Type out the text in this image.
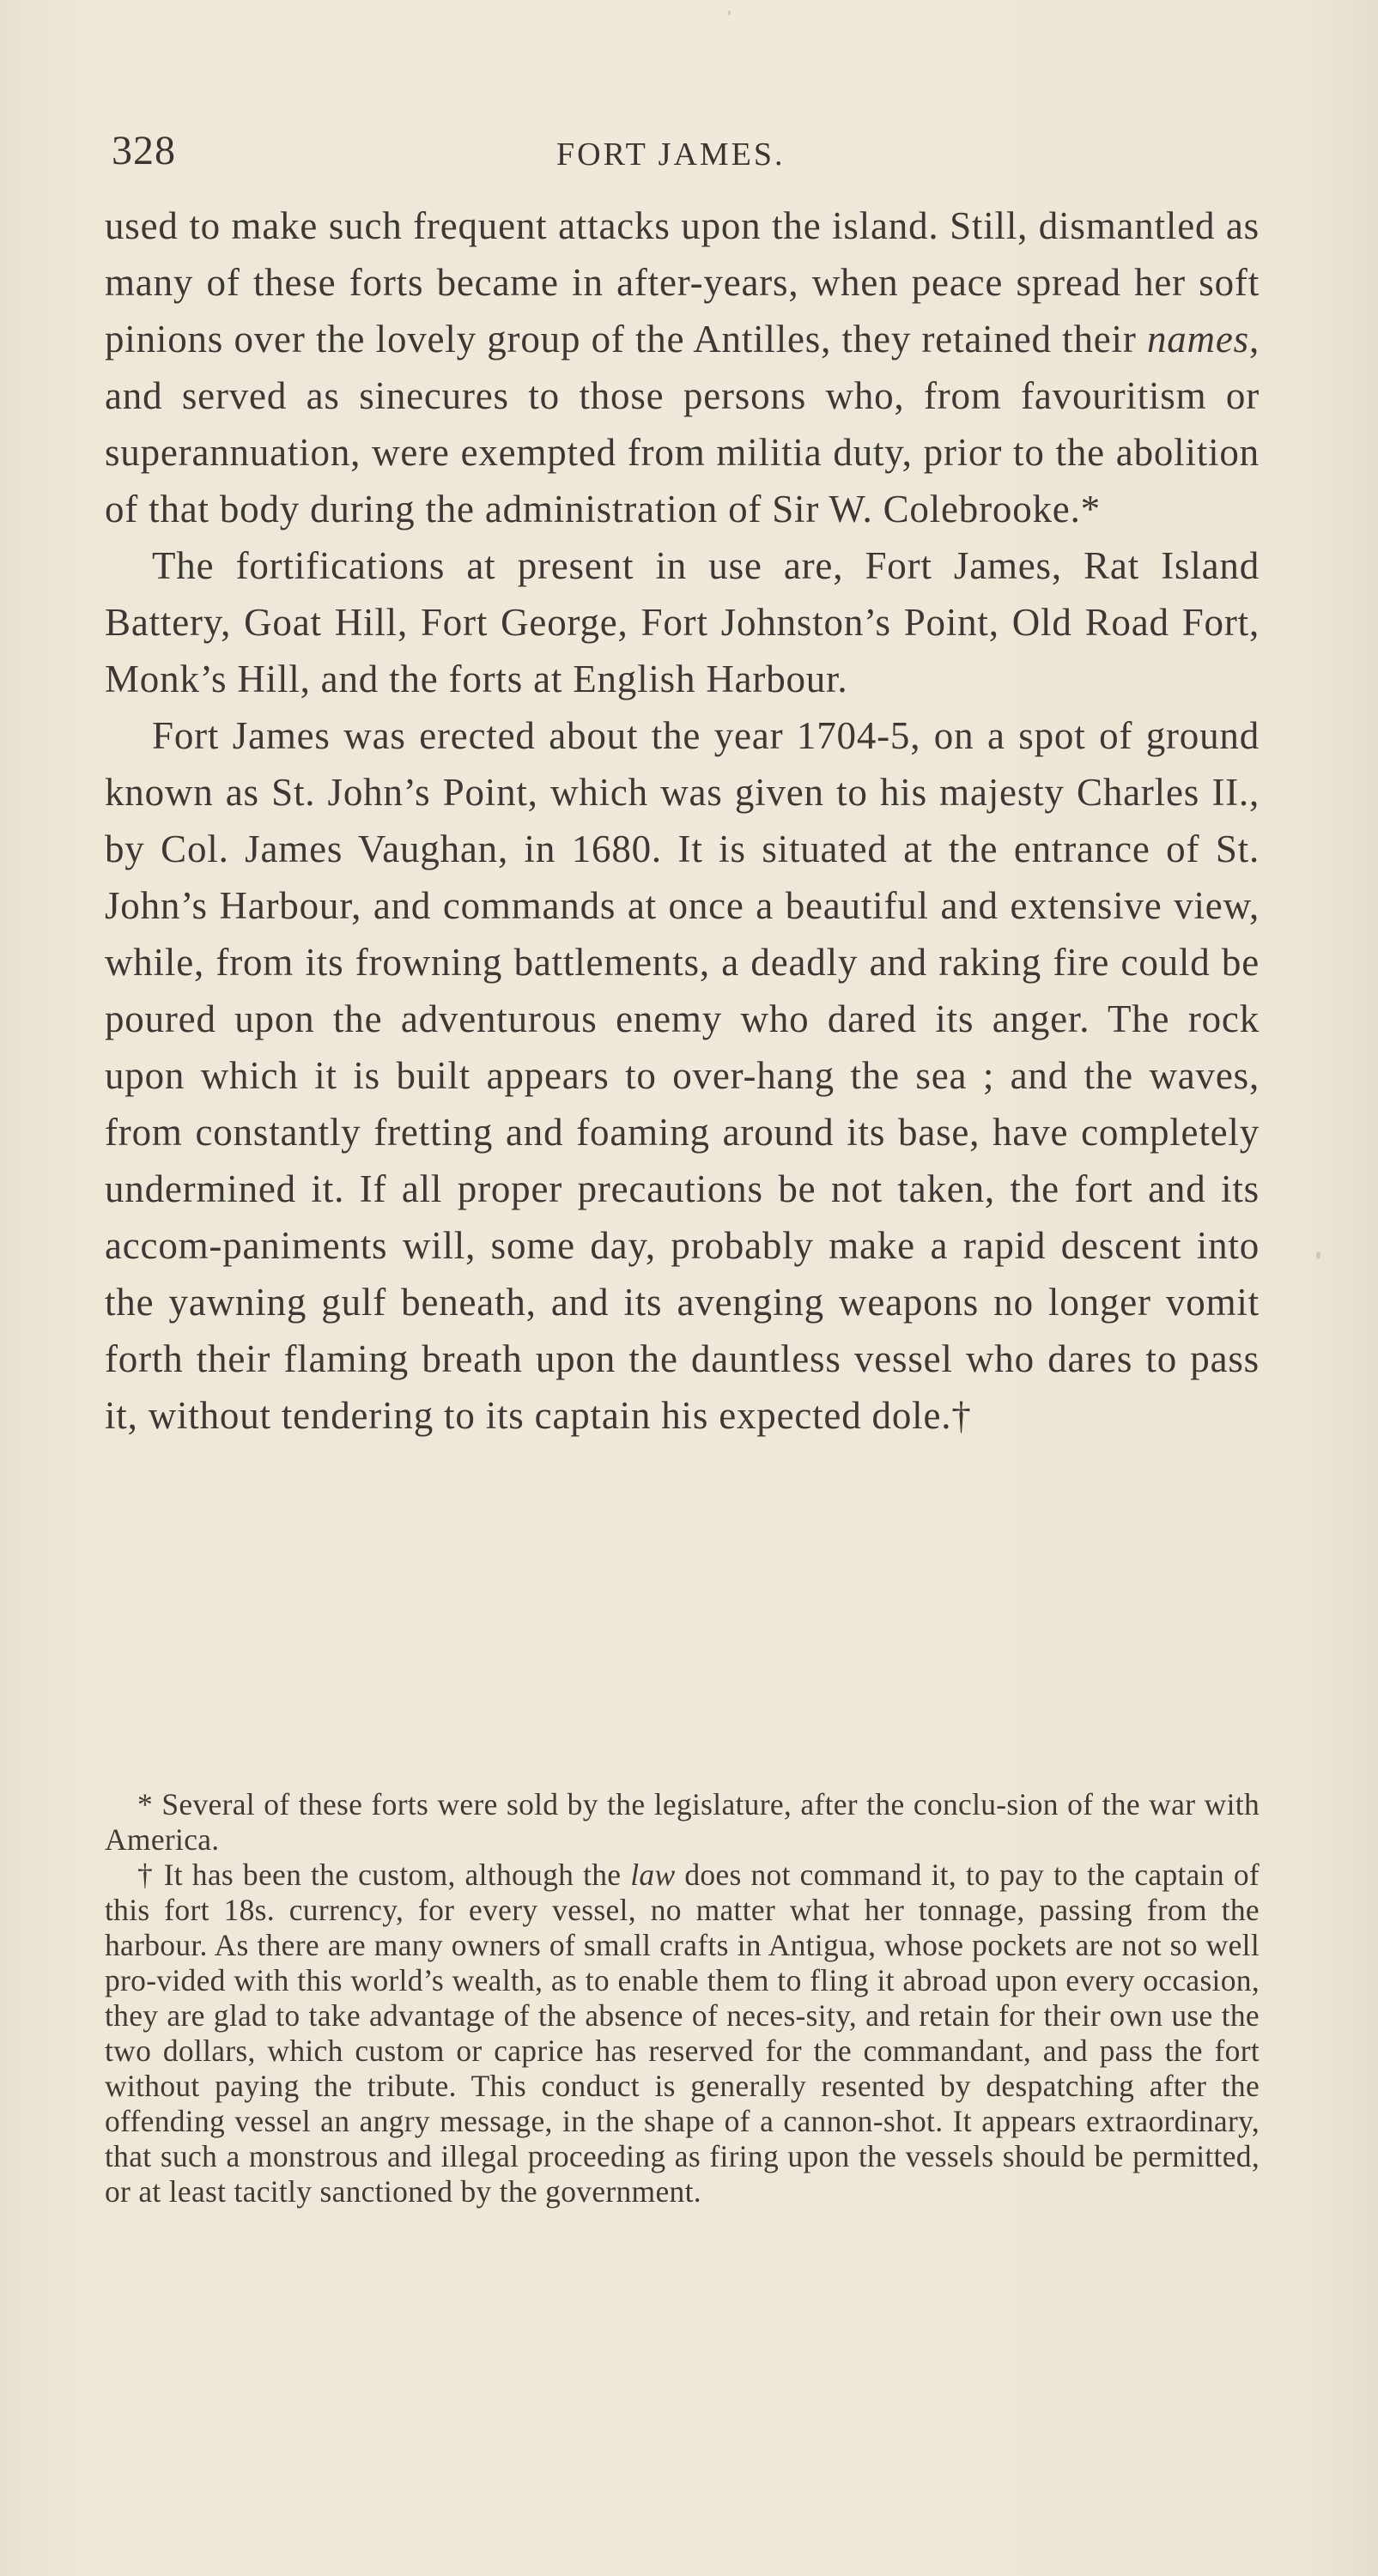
328	FORT JAMES.

used to make such frequent attacks upon the island. Still, dismantled as many of these forts became in after-years, when peace spread her soft pinions over the lovely group of the Antilles, they retained their names, and served as sinecures to those persons who, from favouritism or superannuation, were exempted from militia duty, prior to the abolition of that body during the administration of Sir W. Colebrooke.*

The fortifications at present in use are, Fort James, Rat Island Battery, Goat Hill, Fort George, Fort Johnston’s Point, Old Road Fort, Monk’s Hill, and the forts at English Harbour.

Fort James was erected about the year 1704-5, on a spot of ground known as St. John’s Point, which was given to his majesty Charles II., by Col. James Vaughan, in 1680. It is situated at the entrance of St. John’s Harbour, and commands at once a beautiful and extensive view, while, from its frowning battlements, a deadly and raking fire could be poured upon the adventurous enemy who dared its anger. The rock upon which it is built appears to over-hang the sea ; and the waves, from constantly fretting and foaming around its base, have completely undermined it. If all proper precautions be not taken, the fort and its accom-paniments will, some day, probably make a rapid descent into the yawning gulf beneath, and its avenging weapons no longer vomit forth their flaming breath upon the dauntless vessel who dares to pass it, without tendering to its captain his expected dole.†

* Several of these forts were sold by the legislature, after the conclu-sion of the war with America.

† It has been the custom, although the law does not command it, to pay to the captain of this fort 18s. currency, for every vessel, no matter what her tonnage, passing from the harbour. As there are many owners of small crafts in Antigua, whose pockets are not so well pro-vided with this world’s wealth, as to enable them to fling it abroad upon every occasion, they are glad to take advantage of the absence of neces-sity, and retain for their own use the two dollars, which custom or caprice has reserved for the commandant, and pass the fort without paying the tribute. This conduct is generally resented by despatching after the offending vessel an angry message, in the shape of a cannon-shot. It appears extraordinary, that such a monstrous and illegal proceeding as firing upon the vessels should be permitted, or at least tacitly sanctioned by the government.
